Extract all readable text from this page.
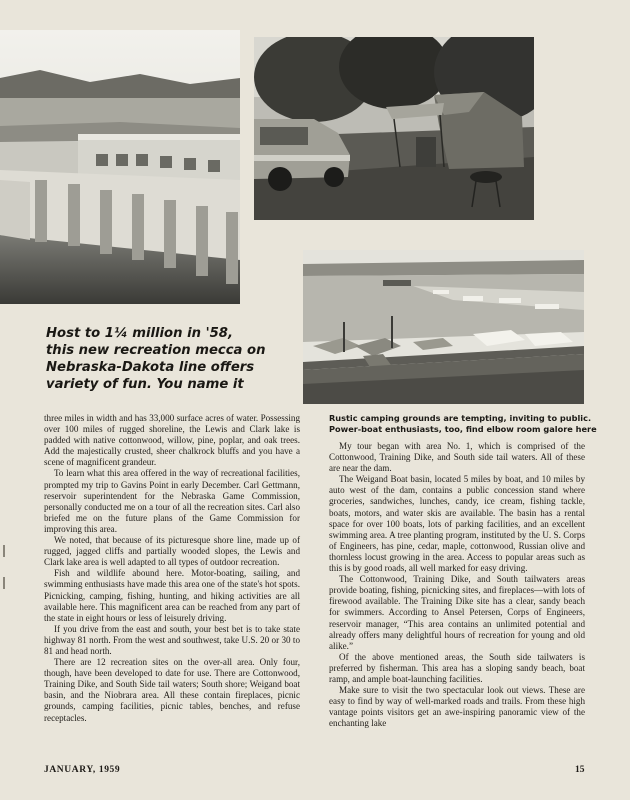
Host to 1¼ million in '58,
this new recreation mecca on
Nebraska-Dakota line offers
variety of fun. You name it
Rustic camping grounds are tempting, inviting to public.
Power-boat enthusiasts, too, find elbow room galore here

three miles in width and has 33,000 surface acres of water. Possessing over 100 miles of rugged shoreline, the Lewis and Clark lake is padded with native cottonwood, willow, pine, poplar, and oak trees. Add the majestically crusted, sheer chalkrock bluffs and you have a scene of magnificent grandeur.

To learn what this area offered in the way of recreational facilities, prompted my trip to Gavins Point in early December. Carl Gettmann, reservoir superintendent for the Nebraska Game Commission, personally conducted me on a tour of all the recreation sites. Carl also briefed me on the future plans of the Game Commission for improving this area.

We noted, that because of its picturesque shore line, made up of rugged, jagged cliffs and partially wooded slopes, the Lewis and Clark lake area is well adapted to all types of outdoor recreation.

Fish and wildlife abound here. Motor-boating, sailing, and swimming enthusiasts have made this area one of the state's hot spots. Picnicking, camping, fishing, hunting, and hiking activities are all available here. This magnificent area can be reached from any part of the state in eight hours or less of leisurely driving.

If you drive from the east and south, your best bet is to take state highway 81 north. From the west and southwest, take U.S. 20 or 30 to 81 and head north.

There are 12 recreation sites on the over-all area. Only four, though, have been developed to date for use. There are Cottonwood, Training Dike, and South Side tail waters; South shore; Weigand boat basin, and the Niobrara area. All these contain fireplaces, picnic grounds, camping facilities, picnic tables, benches, and refuse receptacles.

My tour began with area No. 1, which is comprised of the Cottonwood, Training Dike, and South side tail waters. All of these are near the dam.

The Weigand Boat basin, located 5 miles by boat, and 10 miles by auto west of the dam, contains a public concession stand where groceries, sandwiches, lunches, candy, ice cream, fishing tackle, boats, motors, and water skis are available. The basin has a rental space for over 100 boats, lots of parking facilities, and an excellent swimming area. A tree planting program, instituted by the U. S. Corps of Engineers, has pine, cedar, maple, cottonwood, Russian olive and thornless locust growing in the area. Access to popular areas such as this is by good roads, all well marked for easy driving.

The Cottonwood, Training Dike, and South tailwaters areas provide boating, fishing, picnicking sites, and fireplaces—with lots of firewood available. The Training Dike site has a clear, sandy beach for swimmers. According to Ansel Petersen, Corps of Engineers, reservoir manager, “This area contains an unlimited potential and already offers many delightful hours of recreation for young and old alike.”

Of the above mentioned areas, the South side tailwaters is preferred by fisherman. This area has a sloping sandy beach, boat ramp, and ample boat-launching facilities.

Make sure to visit the two spectacular look out views. These are easy to find by way of well-marked roads and trails. From these high vantage points visitors get an awe-inspiring panoramic view of the enchanting lake

JANUARY, 1959	15
